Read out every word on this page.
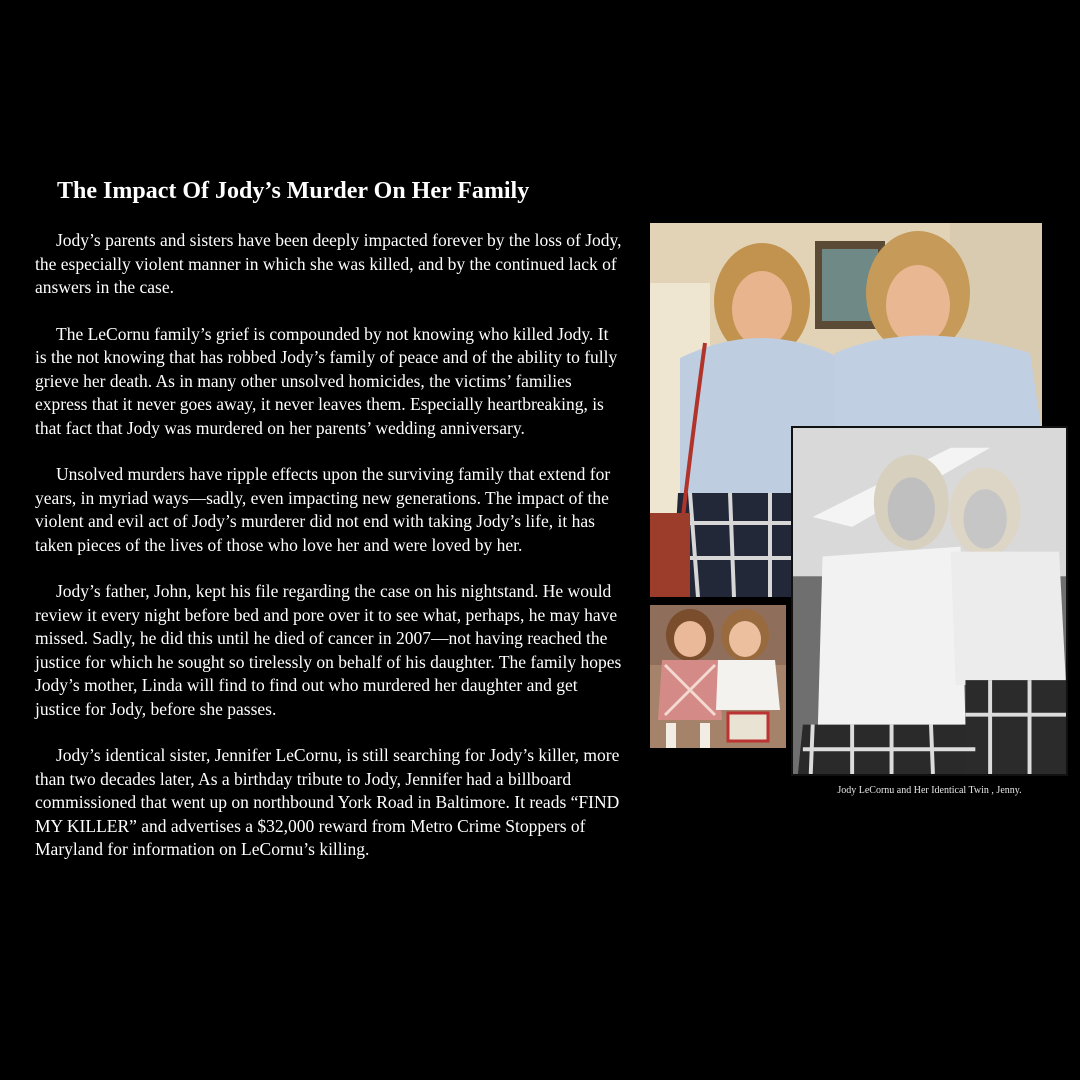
The Impact Of Jody’s Murder On Her Family

Jody’s parents and sisters have been deeply impacted forever by the loss of Jody, the especially violent manner in which she was killed, and by the continued lack of answers in the case.

The LeCornu family’s grief is compounded by not knowing who killed Jody. It is the not knowing that has robbed Jody’s family of peace and of the ability to fully grieve her death. As in many other unsolved homicides, the victims’ families express that it never goes away, it never leaves them. Especially heartbreaking, is that fact that Jody was murdered on her parents’ wedding anniversary.

Unsolved murders have ripple effects upon the surviving family that extend for years, in myriad ways—sadly, even impacting new generations. The impact of the violent and evil act of Jody’s murderer did not end with taking Jody’s life, it has taken pieces of the lives of those who love her and were loved by her.

Jody’s father, John, kept his file regarding the case on his nightstand. He would review it every night before bed and pore over it to see what, perhaps, he may have missed. Sadly, he did this until he died of cancer in 2007—not having reached the justice for which he sought so tirelessly on behalf of his daughter. The family hopes Jody’s mother, Linda will find to find out who murdered her daughter and get justice for Jody, before she passes.

Jody’s identical sister, Jennifer LeCornu, is still searching for Jody’s killer, more than two decades later, As a birthday tribute to Jody, Jennifer had a billboard commissioned that went up on northbound York Road in Baltimore. It reads “FIND MY KILLER” and advertises a $32,000 reward from Metro Crime Stoppers of Maryland for information on LeCornu’s killing.

Jody LeCornu and Her Identical Twin , Jenny.
